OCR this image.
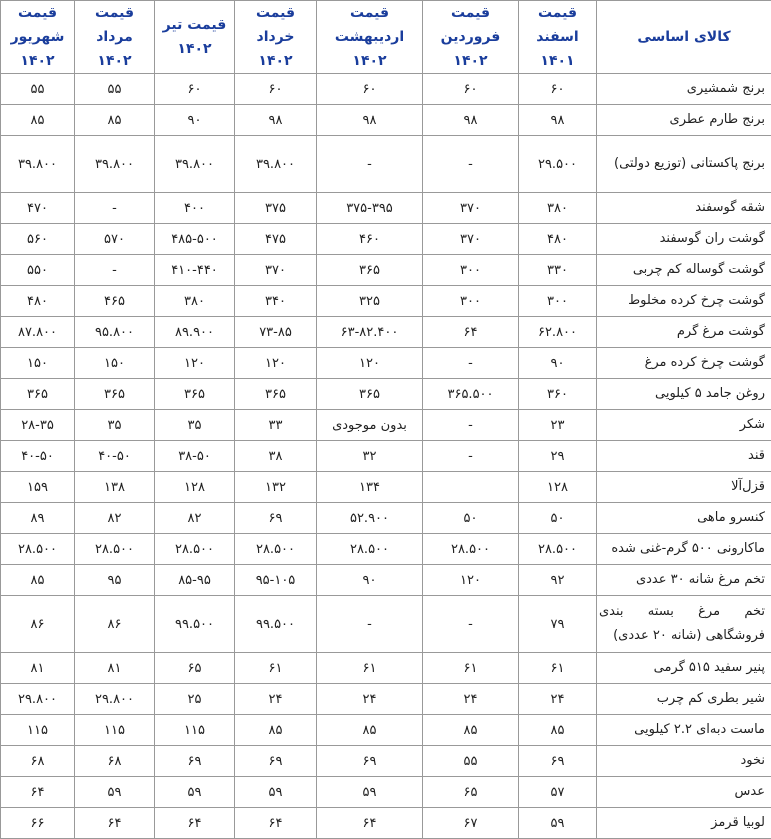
کالای اساسی	قیمت اسفند ۱۴۰۱	قیمت فروردین ۱۴۰۲	قیمت اردیبهشت ۱۴۰۲	قیمت خرداد ۱۴۰۲	قیمت تیر ۱۴۰۲	قیمت مرداد ۱۴۰۲	قیمت شهریور ۱۴۰۲
برنج شمشیری	۶۰	۶۰	۶۰	۶۰	۶۰	۵۵	۵۵
برنج طارم عطری	۹۸	۹۸	۹۸	۹۸	۹۰	۸۵	۸۵
برنج پاکستانی (توزیع دولتی)	۲۹.۵۰۰	-	-	۳۹.۸۰۰	۳۹.۸۰۰	۳۹.۸۰۰	۳۹.۸۰۰
شقه گوسفند	۳۸۰	۳۷۰	۳۷۵-۳۹۵	۳۷۵	۴۰۰	-	۴۷۰
گوشت ران گوسفند	۴۸۰	۳۷۰	۴۶۰	۴۷۵	۴۸۵-۵۰۰	۵۷۰	۵۶۰
گوشت گوساله کم چربی	۳۳۰	۳۰۰	۳۶۵	۳۷۰	۴۱۰-۴۴۰	-	۵۵۰
گوشت چرخ کرده مخلوط	۳۰۰	۳۰۰	۳۲۵	۳۴۰	۳۸۰	۴۶۵	۴۸۰
گوشت مرغ گرم	۶۲.۸۰۰	۶۴	۶۳-۸۲.۴۰۰	۷۳-۸۵	۸۹.۹۰۰	۹۵.۸۰۰	۸۷.۸۰۰
گوشت چرخ کرده مرغ	۹۰	-	۱۲۰	۱۲۰	۱۲۰	۱۵۰	۱۵۰
روغن جامد ۵ کیلویی	۳۶۰	۳۶۵.۵۰۰	۳۶۵	۳۶۵	۳۶۵	۳۶۵	۳۶۵
شکر	۲۳	-	بدون موجودی	۳۳	۳۵	۳۵	۲۸-۳۵
قند	۲۹	-	۳۲	۳۸	۳۸-۵۰	۴۰-۵۰	۴۰-۵۰
قزل‌آلا	۱۲۸		۱۳۴	۱۳۲	۱۲۸	۱۳۸	۱۵۹
کنسرو ماهی	۵۰	۵۰	۵۲.۹۰۰	۶۹	۸۲	۸۲	۸۹
ماکارونی ۵۰۰ گرم-غنی شده	۲۸.۵۰۰	۲۸.۵۰۰	۲۸.۵۰۰	۲۸.۵۰۰	۲۸.۵۰۰	۲۸.۵۰۰	۲۸.۵۰۰
تخم مرغ شانه ۳۰ عددی	۹۲	۱۲۰	۹۰	۹۵-۱۰۵	۸۵-۹۵	۹۵	۸۵
تخم مرغ بسته بندی فروشگاهی (شانه ۲۰ عددی)	۷۹	-	-	۹۹.۵۰۰	۹۹.۵۰۰	۸۶	۸۶
پنیر سفید ۵۱۵ گرمی	۶۱	۶۱	۶۱	۶۱	۶۵	۸۱	۸۱
شیر بطری کم چرب	۲۴	۲۴	۲۴	۲۴	۲۵	۲۹.۸۰۰	۲۹.۸۰۰
ماست دبه‌ای ۲.۲ کیلویی	۸۵	۸۵	۸۵	۸۵	۱۱۵	۱۱۵	۱۱۵
نخود	۶۹	۵۵	۶۹	۶۹	۶۹	۶۸	۶۸
عدس	۵۷	۶۵	۵۹	۵۹	۵۹	۵۹	۶۴
لوبیا قرمز	۵۹	۶۷	۶۴	۶۴	۶۴	۶۴	۶۶
